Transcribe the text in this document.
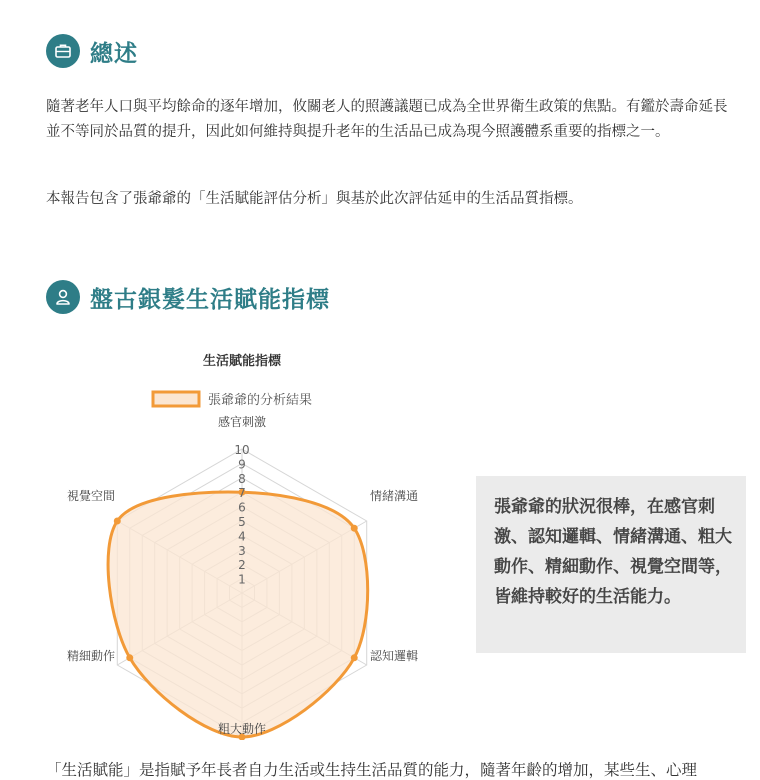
總述

隨著老年人口與平均餘命的逐年增加，攸關老人的照護議題已成為全世界衛生政策的焦點。有鑑於壽命延長並不等同於品質的提升，因此如何維持與提升老年的生活品已成為現今照護體系重要的指標之一。

本報告包含了張爺爺的「生活賦能評估分析」與基於此次評估延申的生活品質指標。

盤古銀髮生活賦能指標
生活賦能指標
張爺爺的分析結果
1
2
3
4
5
6
7
8
9
10
感官刺激
情緒溝通
認知邏輯
粗大動作
精細動作
視覺空間

張爺爺的狀況很棒，在感官刺激、認知邏輯、情緒溝通、粗大動作、精細動作、視覺空間等，皆維持較好的生活能力。

「生活賦能」是指賦予年長者自力生活或生持生活品質的能力，隨著年齡的增加，某些生、心理
